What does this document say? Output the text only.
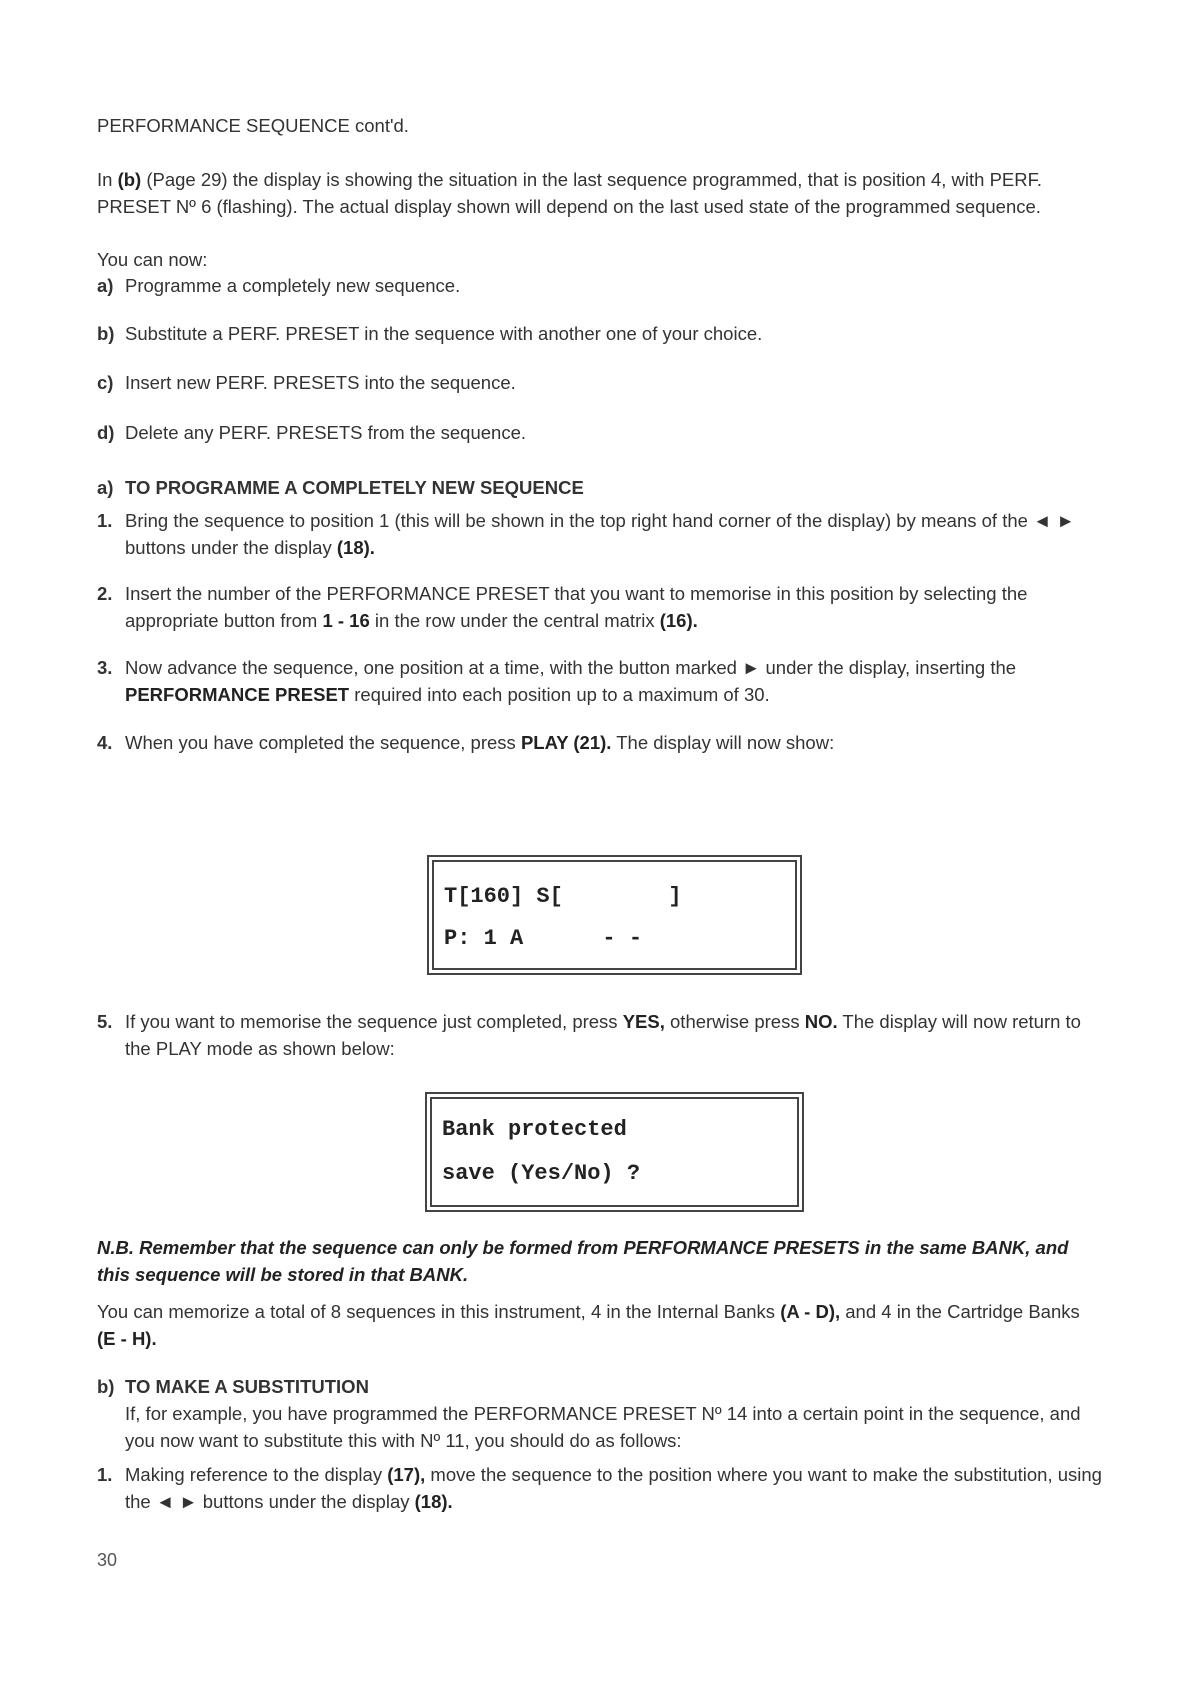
PERFORMANCE SEQUENCE cont'd.

In (b) (Page 29) the display is showing the situation in the last sequence programmed, that is position 4, with PERF. PRESET Nº 6 (flashing). The actual display shown will depend on the last used state of the programmed sequence.

You can now:

a) Programme a completely new sequence.

b) Substitute a PERF. PRESET in the sequence with another one of your choice.

c) Insert new PERF. PRESETS into the sequence.

d) Delete any PERF. PRESETS from the sequence.

a) TO PROGRAMME A COMPLETELY NEW SEQUENCE

1. Bring the sequence to position 1 (this will be shown in the top right hand corner of the display) by means of the ◄ ► buttons under the display (18).

2. Insert the number of the PERFORMANCE PRESET that you want to memorise in this position by selecting the appropriate button from 1 - 16 in the row under the central matrix (16).

3. Now advance the sequence, one position at a time, with the button marked ► under the display, inserting the PERFORMANCE PRESET required into each position up to a maximum of 30.

4. When you have completed the sequence, press PLAY (21). The display will now show:

T[160] S[        ]
P: 1 A      - -

5. If you want to memorise the sequence just completed, press YES, otherwise press NO. The display will now return to the PLAY mode as shown below:

Bank protected
save (Yes/No) ?

N.B. Remember that the sequence can only be formed from PERFORMANCE PRESETS in the same BANK, and this sequence will be stored in that BANK.

You can memorize a total of 8 sequences in this instrument, 4 in the Internal Banks (A - D), and 4 in the Cartridge Banks (E - H).

b) TO MAKE A SUBSTITUTION

If, for example, you have programmed the PERFORMANCE PRESET Nº 14 into a certain point in the sequence, and you now want to substitute this with Nº 11, you should do as follows:

1. Making reference to the display (17), move the sequence to the position where you want to make the substitution, using the ◄ ► buttons under the display (18).

30
